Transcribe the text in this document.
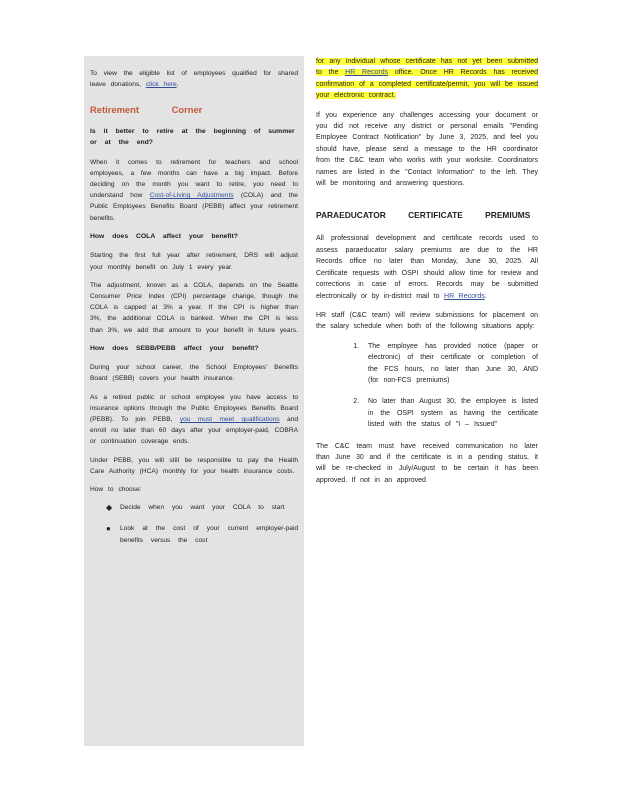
To view the eligible list of employees qualified for shared leave donations, click here.

Retirement Corner
Is it better to retire at the beginning of summer or at the end?

When it comes to retirement for teachers and school employees, a few months can have a big impact. Before deciding on the month you want to retire, you need to understand how Cost-of-Living Adjustments (COLA) and the Public Employees Benefits Board (PEBB) affect your retirement benefits.

How does COLA affect your benefit?

Starting the first full year after retirement, DRS will adjust your monthly benefit on July 1 every year.

The adjustment, known as a COLA, depends on the Seattle Consumer Price Index (CPI) percentage change, though the COLA is capped at 3% a year. If the CPI is higher than 3%, the additional COLA is banked. When the CPI is less than 3%, we add that amount to your benefit in future years.

How does SEBB/PEBB affect your benefit?

During your school career, the School Employees' Benefits Board (SEBB) covers your health insurance.

As a retired public or school employee you have access to insurance options through the Public Employees Benefits Board (PEBB). To join PEBB, you must meet qualifications and enroll no later than 60 days after your employer-paid, COBRA or continuation coverage ends.

Under PEBB, you will still be responsible to pay the Health Care Authority (HCA) monthly for your health insurance costs.

How to choose:

◆ Decide when you want your COLA to start
● Look at the cost of your current employer-paid benefits versus the cost

for any individual whose certificate has not yet been submitted to the HR Records office. Once HR Records has received confirmation of a completed certificate/permit, you will be issued your electronic contract.

If you experience any challenges accessing your document or you did not receive any district or personal emails "Pending Employee Contract Notification" by June 3, 2025, and feel you should have, please send a message to the HR coordinator from the C&C team who works with your worksite. Coordinators names are listed in the "Contact Information" to the left. They will be monitoring and answering questions.

PARAEDUCATOR CERTIFICATE PREMIUMS

All professional development and certificate records used to assess paraeducator salary premiums are due to the HR Records office no later than Monday, June 30, 2025. All Certificate requests with OSPI should allow time for review and corrections in case of errors. Records may be submitted electronically or by in-district mail to HR Records.

HR staff (C&C team) will review submissions for placement on the salary schedule when both of the following situations apply:

1. The employee has provided notice (paper or electronic) of their certificate or completion of the FCS hours, no later than June 30, AND (for non-FCS premiums)
2. No later than August 30, the employee is listed in the OSPI system as having the certificate listed with the status of "I – Issued"

The C&C team must have received communication no later than June 30 and if the certificate is in a pending status, it will be re-checked in July/August to be certain it has been approved. If not in an approved
